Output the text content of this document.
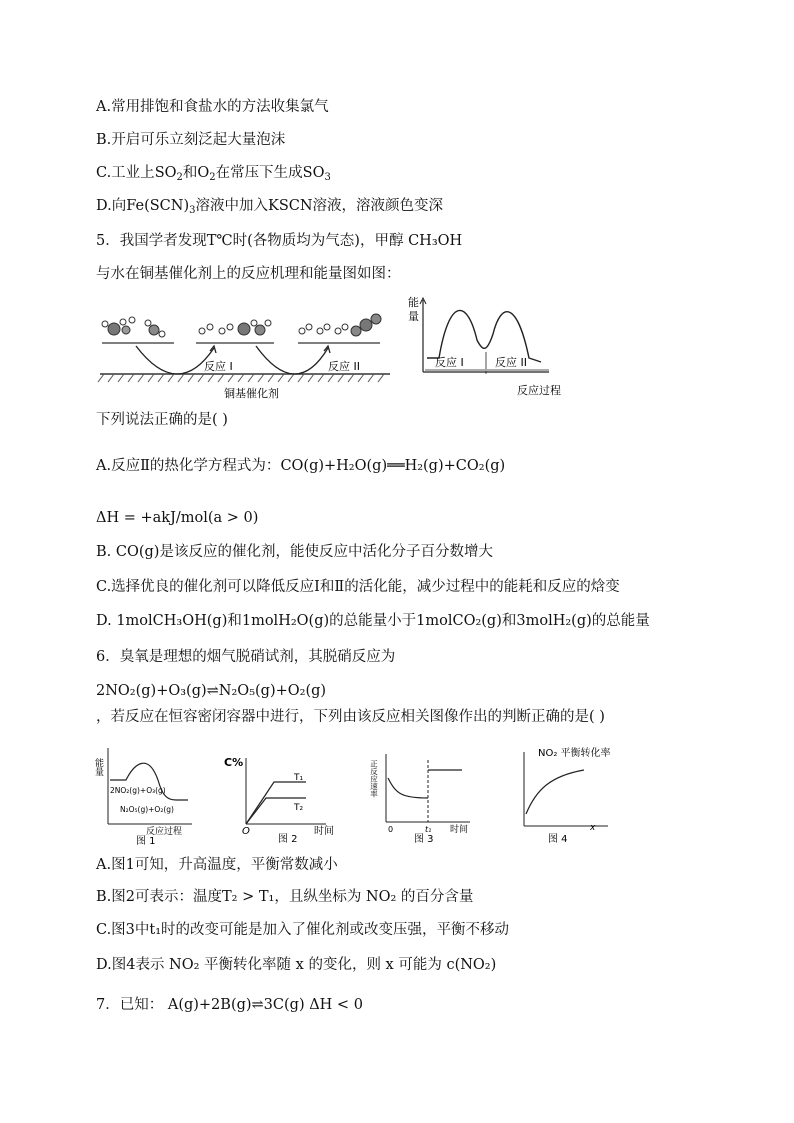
A.常用排饱和食盐水的方法收集氯气
B.开启可乐立刻泛起大量泡沫
C.工业上$SO_2$和$O_2$在常压下生成$SO_3$
D.向$Fe(SCN)_3$溶液中加入KSCN溶液，溶液颜色变深
5．我国学者发现T℃时(各物质均为气态)，甲醇 CH₃OH
与水在铜基催化剂上的反应机理和能量图如图：
反应 I	反应 II
铜基催化剂
能
量
反应 I	反应 II
反应过程
下列说法正确的是( )
A.反应Ⅱ的热化学方程式为：CO(g)+H₂O(g)══H₂(g)+CO₂(g)
ΔH = +akJ/mol(a > 0)
B. CO(g)是该反应的催化剂，能使反应中活化分子百分数增大
C.选择优良的催化剂可以降低反应Ⅰ和Ⅱ的活化能，减少过程中的能耗和反应的焓变
D. 1molCH₃OH(g)和1molH₂O(g)的总能量小于1molCO₂(g)和3molH₂(g)的总能量
6．臭氧是理想的烟气脱硝试剂，其脱硝反应为
2NO₂(g)+O₃(g)⇌N₂O₅(g)+O₂(g)
，若反应在恒容密闭容器中进行，下列由该反应相关图像作出的判断正确的是( )
能量
2NO₂(g)+O₃(g)
N₂O₅(g)+O₂(g)
反应过程
图 1
C%
T₁
T₂
O	时间
图 2
正反应速率
0	t₁ 时间
图 3
NO₂ 平衡转化率
x
图 4
A.图1可知，升高温度，平衡常数减小
B.图2可表示：温度T₂ > T₁，且纵坐标为 NO₂ 的百分含量
C.图3中t₁时的改变可能是加入了催化剂或改变压强，平衡不移动
D.图4表示 NO₂ 平衡转化率随 x 的变化，则 x 可能为 c(NO₂)
7．已知： A(g)+2B(g)⇌3C(g) ΔH < 0
